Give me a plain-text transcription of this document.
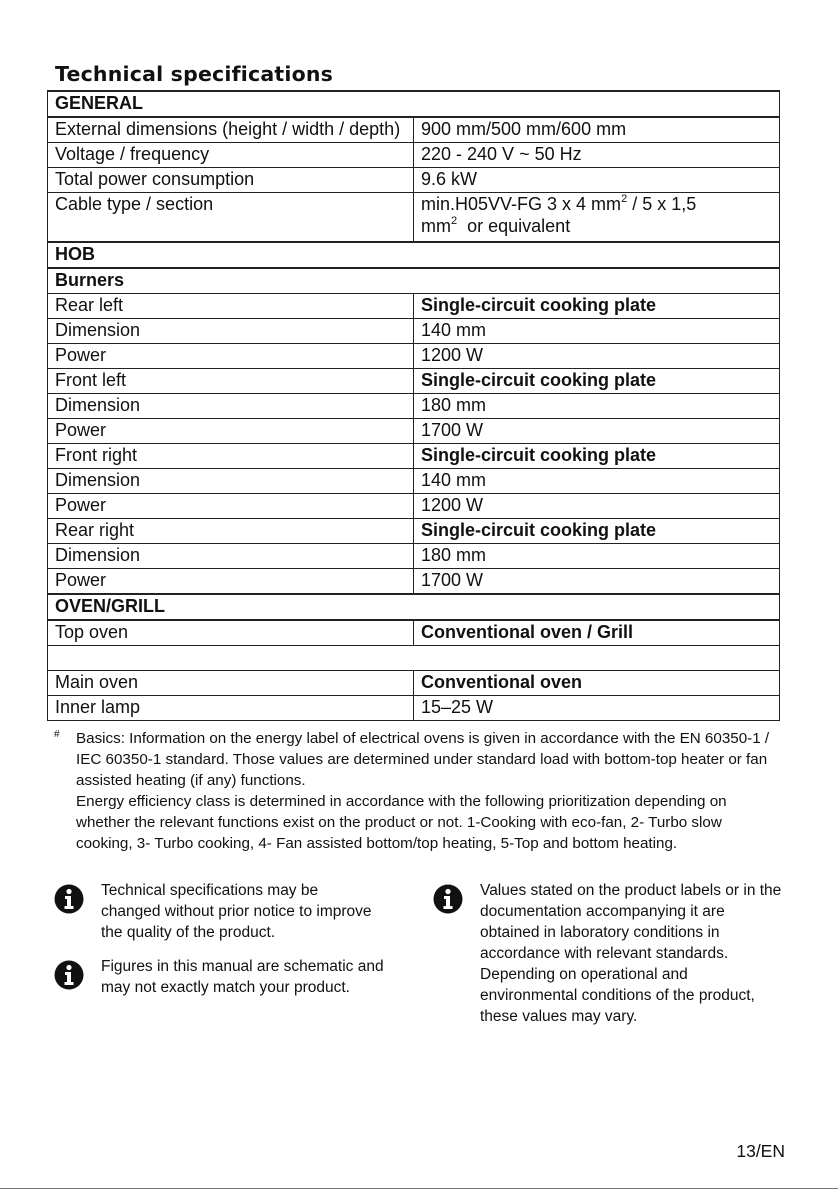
Technical specifications
GENERAL	
External dimensions (height / width / depth)	900 mm/500 mm/600 mm
Voltage / frequency	220 - 240 V ~ 50 Hz
Total power consumption	9.6 kW
Cable type / section	min.H05VV-FG 3 x 4 $mm^2 / 5$ x 1,5
$mm^2$  or equivalent
HOB	
Burners	
Rear left	Single-circuit cooking plate
Dimension	140 mm
Power	1200 W
Front left	Single-circuit cooking plate
Dimension	180 mm
Power	1700 W
Front right	Single-circuit cooking plate
Dimension	140 mm
Power	1200 W
Rear right	Single-circuit cooking plate
Dimension	180 mm
Power	1700 W
OVEN/GRILL	
Top oven	Conventional oven / Grill

Main oven	Conventional oven
Inner lamp	15–25 W
# Basics: Information on the energy label of electrical ovens is given in accordance with the EN 60350-1 / IEC 60350-1 standard. Those values are determined under standard load with bottom-top heater or fan assisted heating (if any) functions.
Energy efficiency class is determined in accordance with the following prioritization depending on whether the relevant functions exist on the product or not. 1-Cooking with eco-fan, 2- Turbo slow cooking, 3- Turbo cooking, 4- Fan assisted bottom/top heating, 5-Top and bottom heating.
Technical specifications may be changed without prior notice to improve the quality of the product.
Figures in this manual are schematic and may not exactly match your product.
Values stated on the product labels or in the documentation accompanying it are obtained in laboratory conditions in accordance with relevant standards. Depending on operational and environmental conditions of the product, these values may vary.
13/EN
